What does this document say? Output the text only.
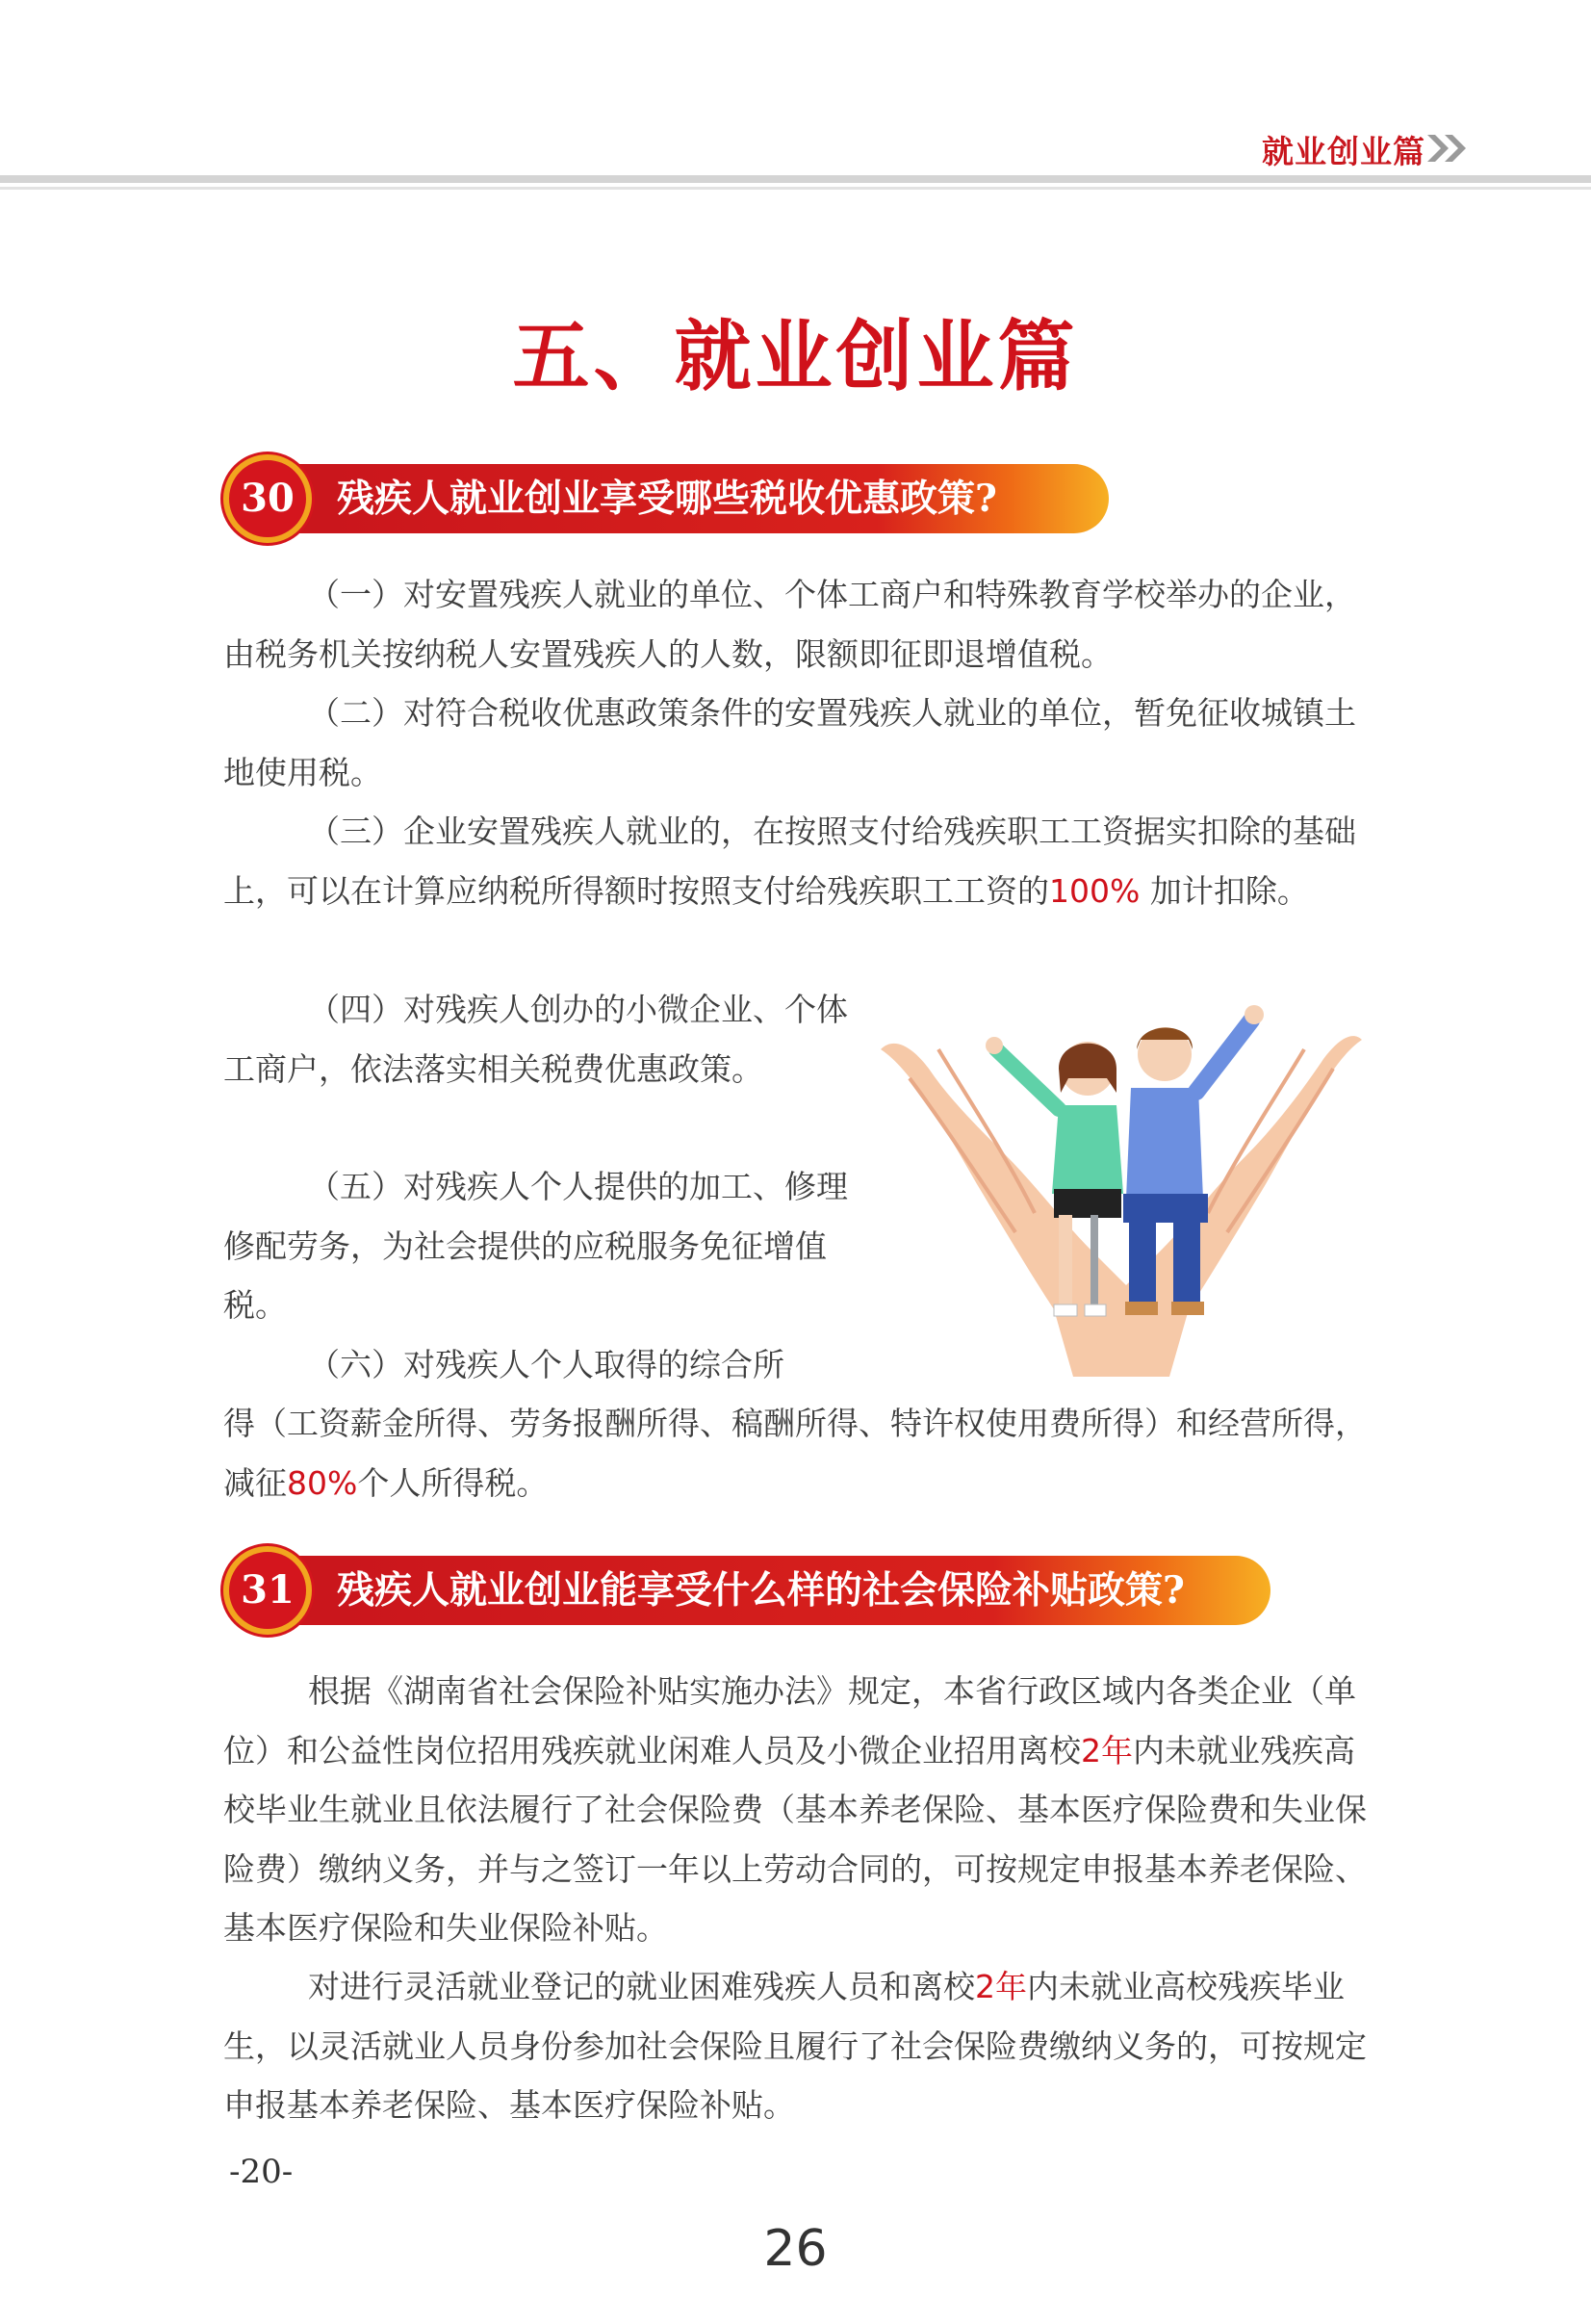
就业创业篇
五、就业创业篇
30	残疾人就业创业享受哪些税收优惠政策?

（一）对安置残疾人就业的单位、个体工商户和特殊教育学校举办的企业，由税务机关按纳税人安置残疾人的人数，限额即征即退增值税。

（二）对符合税收优惠政策条件的安置残疾人就业的单位，暂免征收城镇土地使用税。

（三）企业安置残疾人就业的，在按照支付给残疾职工工资据实扣除的基础上，可以在计算应纳税所得额时按照支付给残疾职工工资的100% 加计扣除。

（四）对残疾人创办的小微企业、个体工商户，依法落实相关税费优惠政策。

（五）对残疾人个人提供的加工、修理修配劳务，为社会提供的应税服务免征增值税。

（六）对残疾人个人取得的综合所

得（工资薪金所得、劳务报酬所得、稿酬所得、特许权使用费所得）和经营所得，减征80%个人所得税。

31	残疾人就业创业能享受什么样的社会保险补贴政策?

根据《湖南省社会保险补贴实施办法》规定，本省行政区域内各类企业（单位）和公益性岗位招用残疾就业闲难人员及小微企业招用离校2年内未就业残疾高校毕业生就业且依法履行了社会保险费（基本养老保险、基本医疗保险费和失业保险费）缴纳义务，并与之签订一年以上劳动合同的，可按规定申报基本养老保险、基本医疗保险和失业保险补贴。

对进行灵活就业登记的就业困难残疾人员和离校2年内未就业高校残疾毕业生，以灵活就业人员身份参加社会保险且履行了社会保险费缴纳义务的，可按规定申报基本养老保险、基本医疗保险补贴。

-20-
26
